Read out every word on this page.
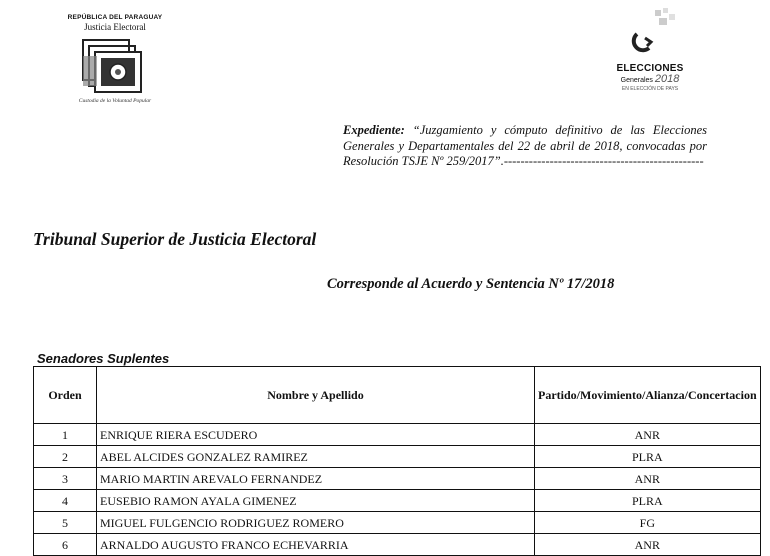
REPÚBLICA DEL PARAGUAY
Justicia Electoral
Custodia de la Voluntad Popular
ELECCIONES
Generales 2018
EN ELECCIÓN DE PAYS
Expediente: “Juzgamiento y cómputo definitivo de las Elecciones Generales y Departamentales del 22 de abril de 2018, convocadas por Resolución TSJE Nº 259/2017”.------------------------------------------------
Tribunal Superior de Justicia Electoral
Corresponde al Acuerdo y Sentencia Nº 17/2018
Senadores Suplentes
Orden	Nombre y Apellido	Partido/Movimiento/Alianza/Concertacion
1	ENRIQUE RIERA ESCUDERO	ANR
2	ABEL ALCIDES GONZALEZ RAMIREZ	PLRA
3	MARIO MARTIN AREVALO FERNANDEZ	ANR
4	EUSEBIO RAMON AYALA GIMENEZ	PLRA
5	MIGUEL FULGENCIO RODRIGUEZ ROMERO	FG
6	ARNALDO AUGUSTO FRANCO ECHEVARRIA	ANR
